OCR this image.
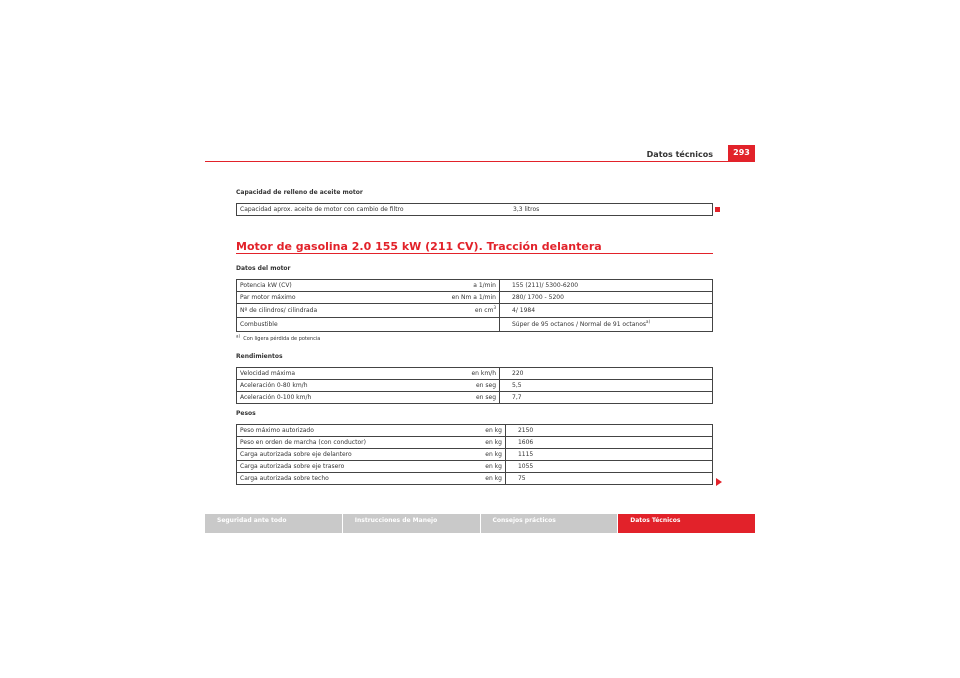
Datos técnicos	293
Capacidad de relleno de aceite motor
Capacidad aprox. aceite de motor con cambio de filtro	3,3 litros
Motor de gasolina 2.0 155 kW (211 CV). Tracción delantera
Datos del motor
Potencia kW (CV)	a 1/min	155 (211)/ 5300-6200
Par motor máximo	en Nm a 1/min	280/ 1700 - 5200
Nº de cilindros/ cilindrada	en $cm^3$	4/ 1984
Combustible		Súper de 95 octanos / Normal de 91 octanos$^{a)}$
$^{a)}$  Con ligera pérdida de potencia
Rendimientos
Velocidad máxima	en km/h	220
Aceleración 0-80 km/h	en seg	5,5
Aceleración 0-100 km/h	en seg	7,7
Pesos
Peso máximo autorizado	en kg	2150
Peso en orden de marcha (con conductor)	en kg	1606
Carga autorizada sobre eje delantero	en kg	1115
Carga autorizada sobre eje trasero	en kg	1055
Carga autorizada sobre techo	en kg	75
Seguridad ante todo	Instrucciones de Manejo	Consejos prácticos	Datos Técnicos
